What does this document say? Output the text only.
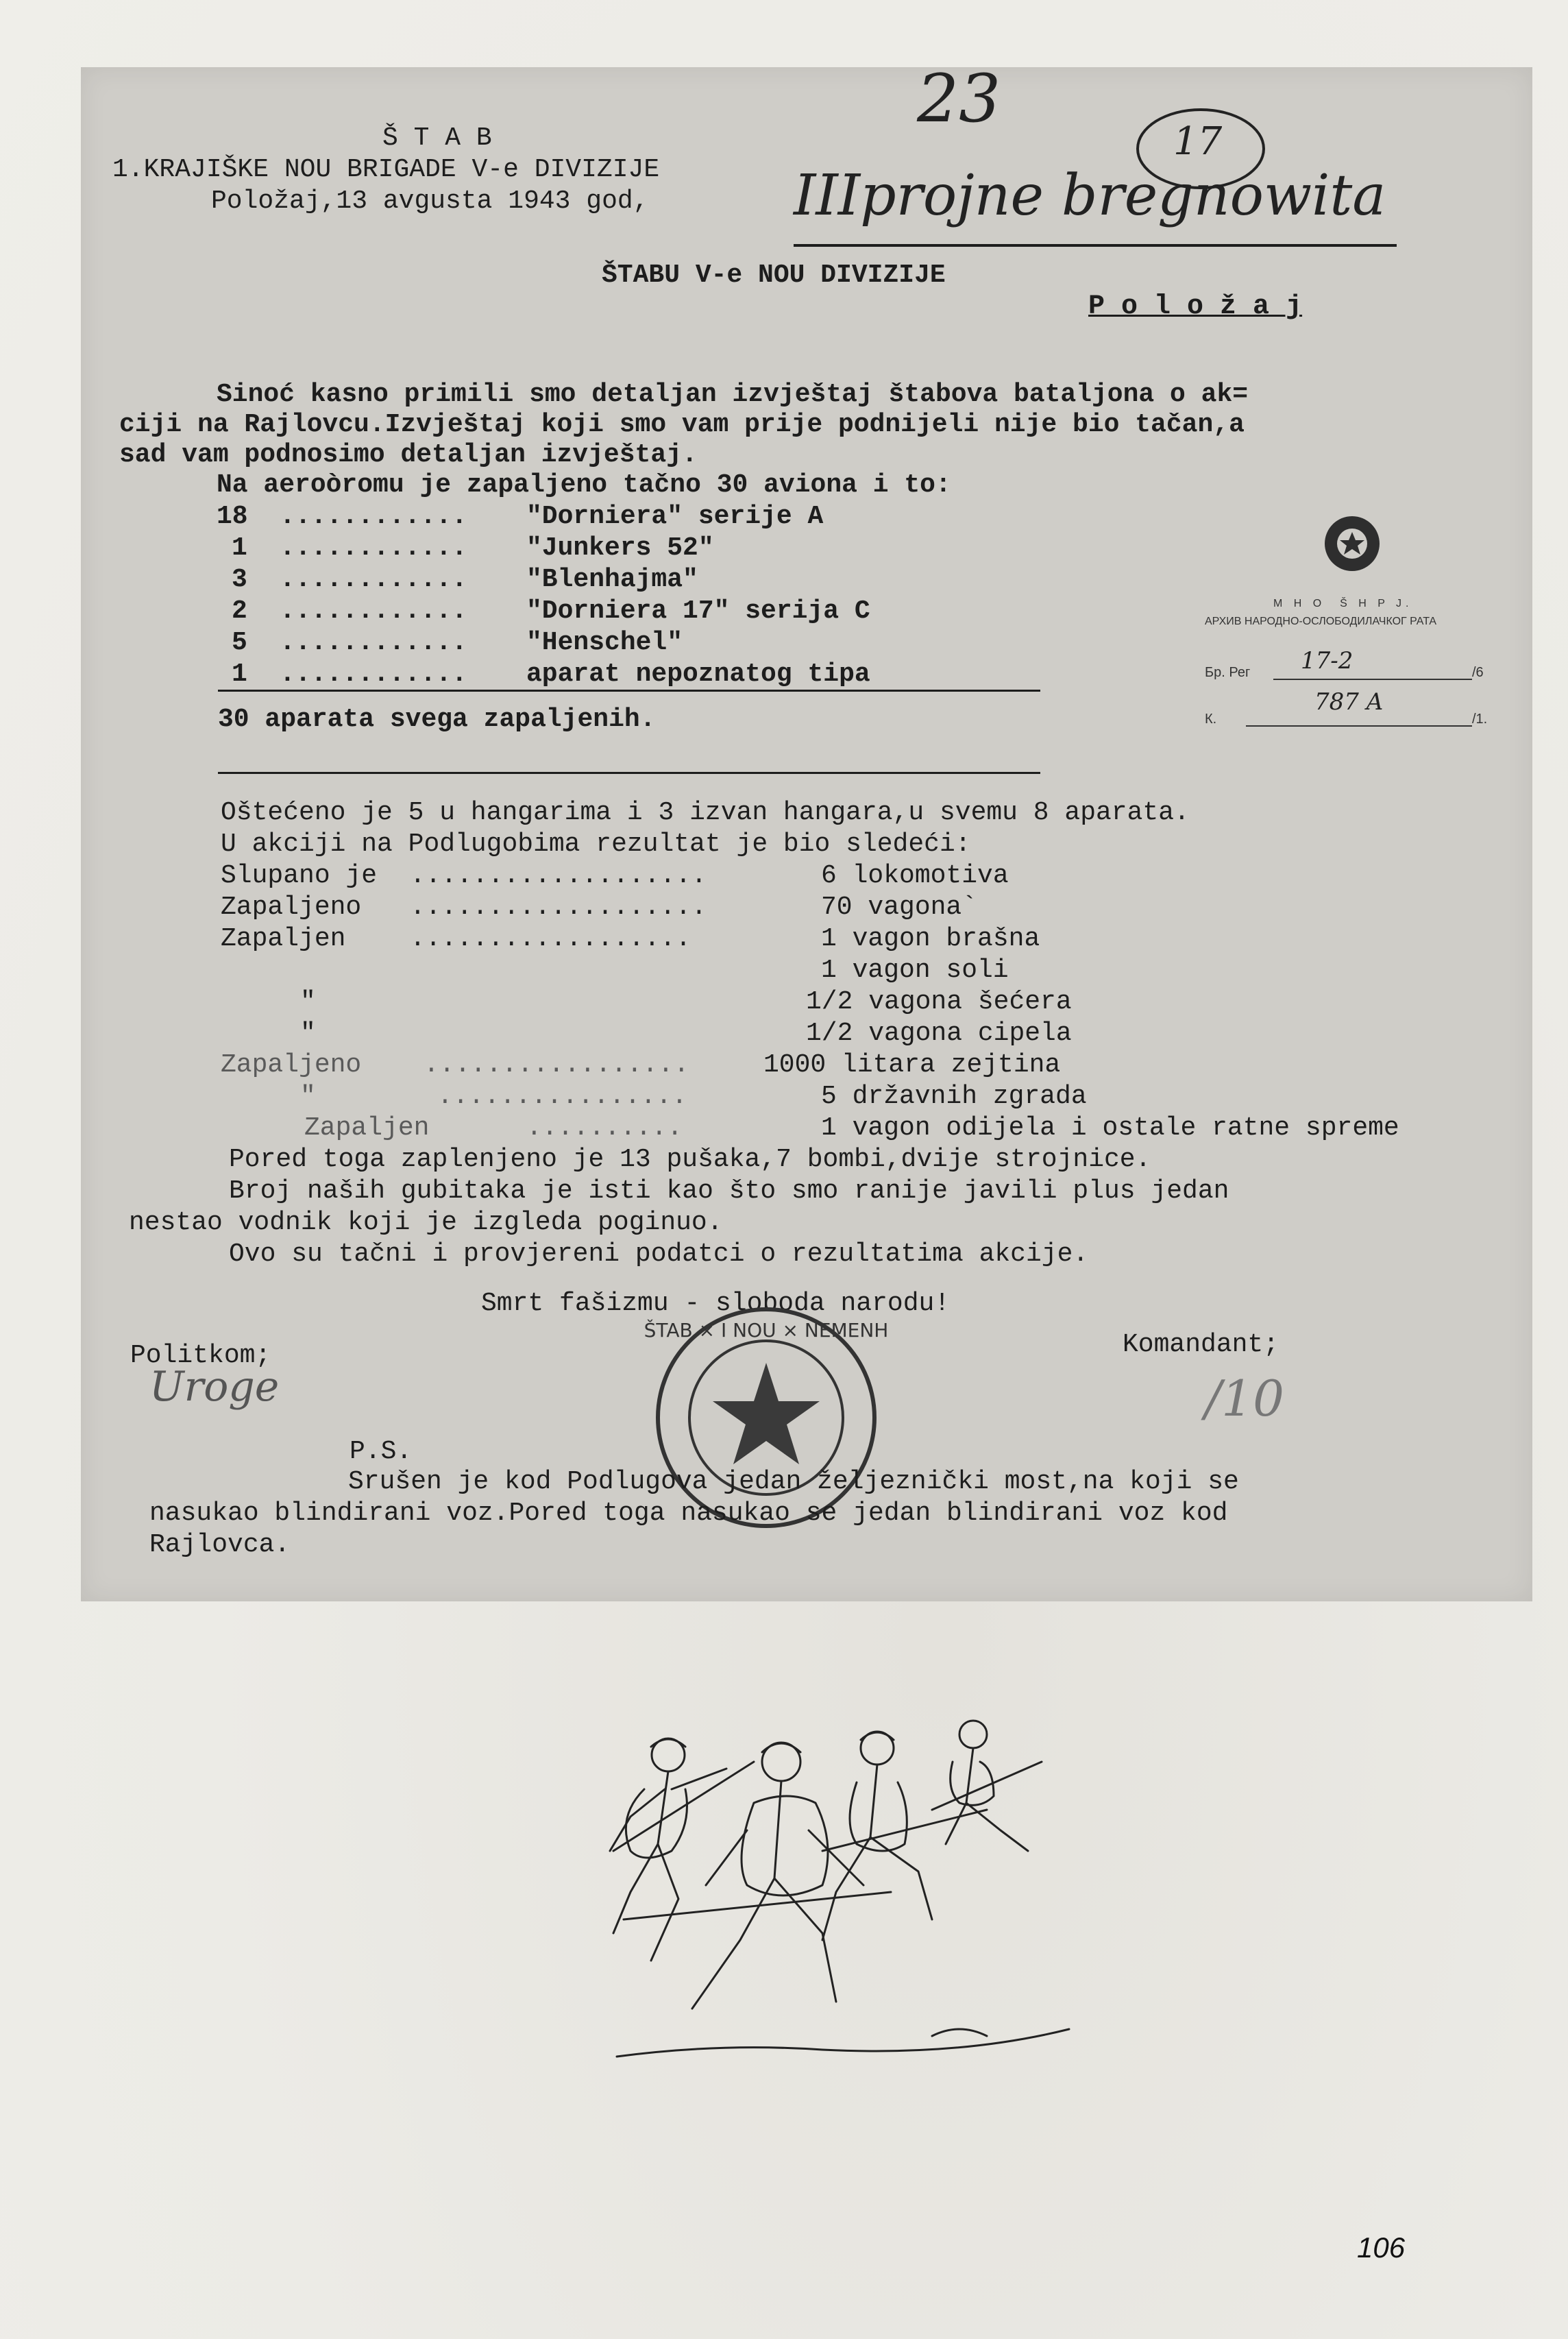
Š T A B
1.KRAJIŠKE NOU BRIGADE V-e DIVIZIJE
Položaj,13 avgusta 1943 god,
23
17
IIIprojne bregnowita
ŠTABU V-e NOU DIVIZIJE
P o l o ž a j
Sinoć kasno primili smo detaljan izvještaj štabova bataljona o ak=
ciji na Rajlovcu.Izvještaj koji smo vam prije podnijeli nije bio tačan,a
sad vam podnosimo detaljan izvještaj.
Na aeroòromu je zapaljeno tačno 30 aviona i to:
18 ............ "Dorniera" serije A
1 ............ "Junkers 52"
3 ............ "Blenhajma"
2 ............ "Dorniera 17" serija C
5 ............ "Henschel"
1 ............ aparat nepoznatog tipa
30 aparata svega zapaljenih.
Oštećeno je 5 u hangarima i 3 izvan hangara,u svemu 8 aparata.
U akciji na Podlugobima rezultat je bio sledeći:
Slupano je ...................	6 lokomotiva
Zapaljeno ...................	70 vagona`
Zapaljen ..................	1 vagon brašna
1 vagon soli
"	1/2 vagona šećera
"	1/2 vagona cipela
Zapaljeno .................	1000 litara zejtina
"	................	5 državnih zgrada
Zapaljen	..........	1 vagon odijela i ostale ratne spreme
Pored toga zaplenjeno je 13 pušaka,7 bombi,dvije strojnice.
Broj naših gubitaka je isti kao što smo ranije javili plus jedan
nestao vodnik koji je izgleda poginuo.
Ovo su tačni i provjereni podatci o rezultatima akcije.
Smrt fašizmu - sloboda narodu!
Politkom;
Uroge
Komandant;
/10
ŠTAB × I NOU × NEMENH
P.S.
Srušen je kod Podlugova jedan željeznički most,na koji se
nasukao blindirani voz.Pored toga nasukao se jedan blindirani voz kod
Rajlovca.
M H O  Š H P J.
АРХИВ НАРОДНО-ОСЛОБОДИЛАЧКОГ РАТА
Бр. Рег 17-2	/6
К.
787 A
/1.
106
